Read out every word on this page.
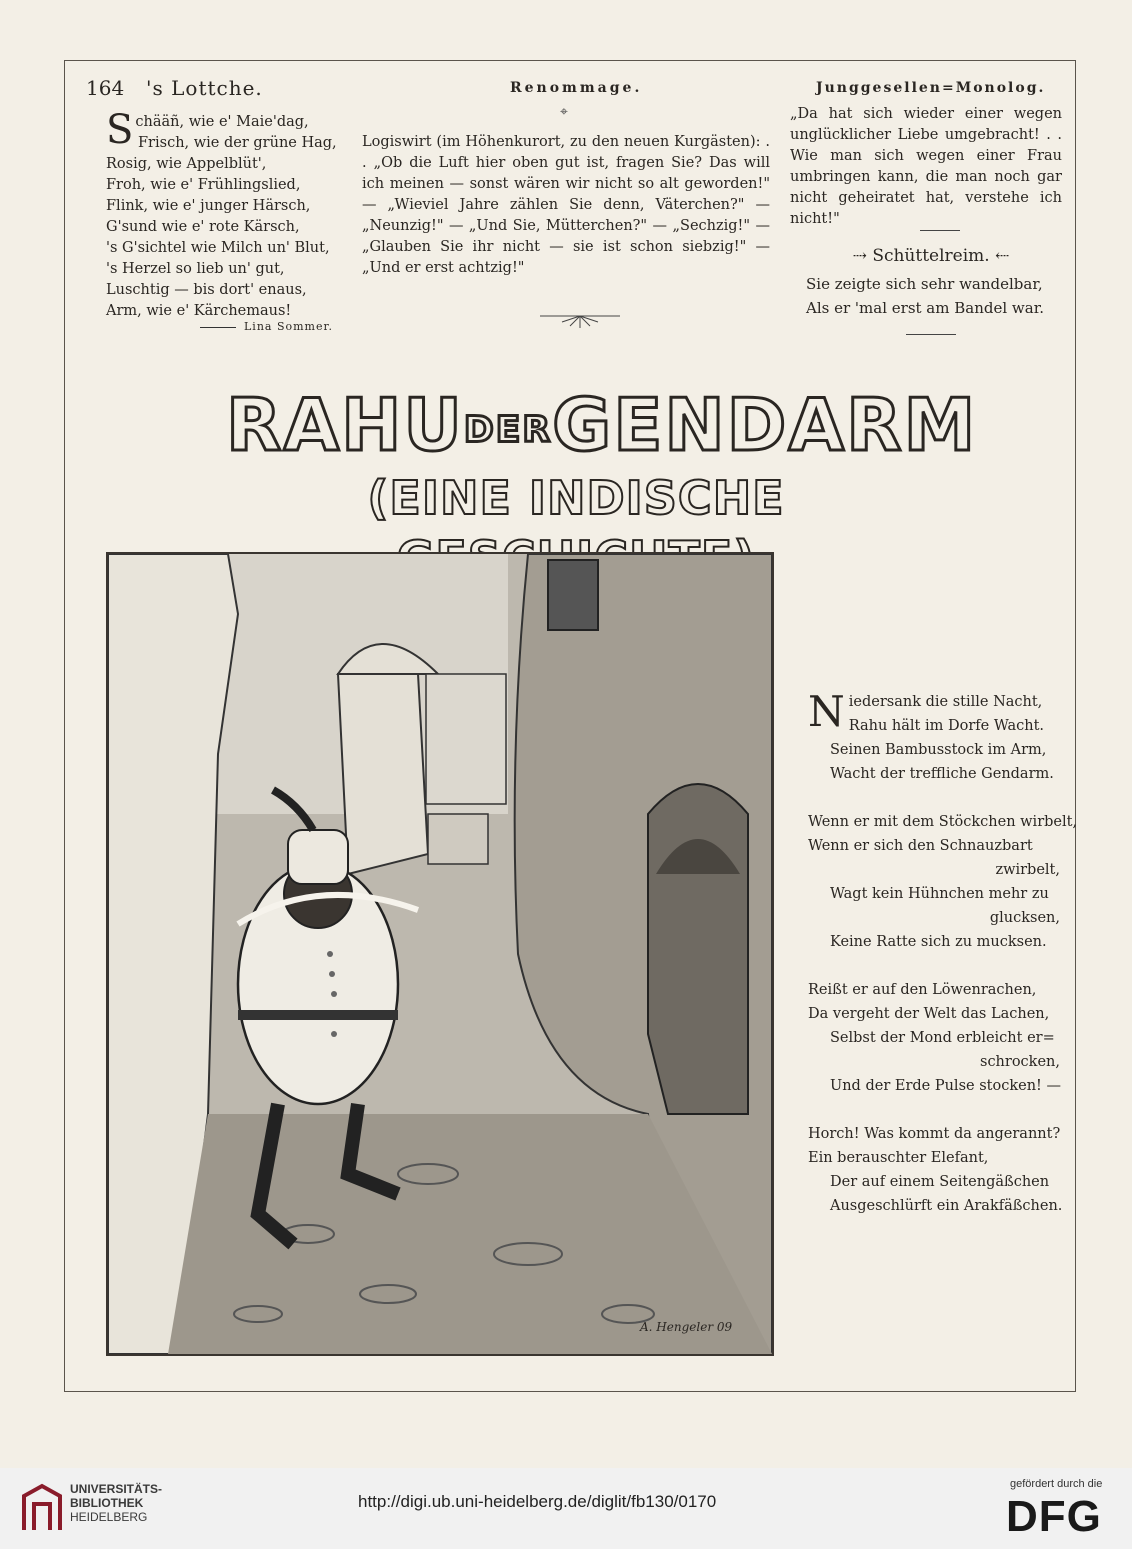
164 's Lottche.	Renommage.	Junggesellen=Monolog.
S chääñ, wie e' Maie'dag,
Frisch, wie der grüne Hag,
Rosig, wie Appelblüt',
Froh, wie e' Frühlingslied,
Flink, wie e' junger Härsch,
G'sund wie e' rote Kärsch,
's G'sichtel wie Milch un' Blut,
's Herzel so lieb un' gut,
Luschtig — bis dort' enaus,
Arm, wie e' Kärchemaus!
Lina Sommer.
⌖
Logiswirt (im Höhenkurort, zu den neuen Kurgästen): . . „Ob die Luft hier oben gut ist, fragen Sie? Das will ich meinen — sonst wären wir nicht so alt geworden!" — „Wieviel Jahre zählen Sie denn, Väterchen?" — „Neunzig!" — „Und Sie, Mütterchen?" — „Sechzig!" — „Glauben Sie ihr nicht — sie ist schon siebzig!" — „Und er erst achtzig!"
„Da hat sich wieder einer wegen unglücklicher Liebe umgebracht! . . Wie man sich wegen einer Frau umbringen kann, die man noch gar nicht geheiratet hat, verstehe ich nicht!"
⇢ Schüttelreim. ⇠
Sie zeigte sich sehr wandelbar,
Als er 'mal erst am Bandel war.
RAHUDERGENDARM
(EINE INDISCHE
A. Hengeler 09
N iedersank die stille Nacht,
Rahu hält im Dorfe Wacht.
Seinen Bambusstock im Arm,
Wacht der treffliche Gendarm.
Wenn er mit dem Stöckchen wirbelt,
Wenn er sich den Schnauzbart
zwirbelt,
Wagt kein Hühnchen mehr zu
glucksen,
Keine Ratte sich zu mucksen.
Reißt er auf den Löwenrachen,
Da vergeht der Welt das Lachen,
Selbst der Mond erbleicht er=
schrocken,
Und der Erde Pulse stocken! —
Horch! Was kommt da angerannt?
Ein berauschter Elefant,
Der auf einem Seitengäßchen
Ausgeschlürft ein Arakfäßchen.
UNIVERSITÄTS-
BIBLIOTHEK
HEIDELBERG
http://digi.ub.uni-heidelberg.de/diglit/fb130/0170
gefördert durch die
DFG
